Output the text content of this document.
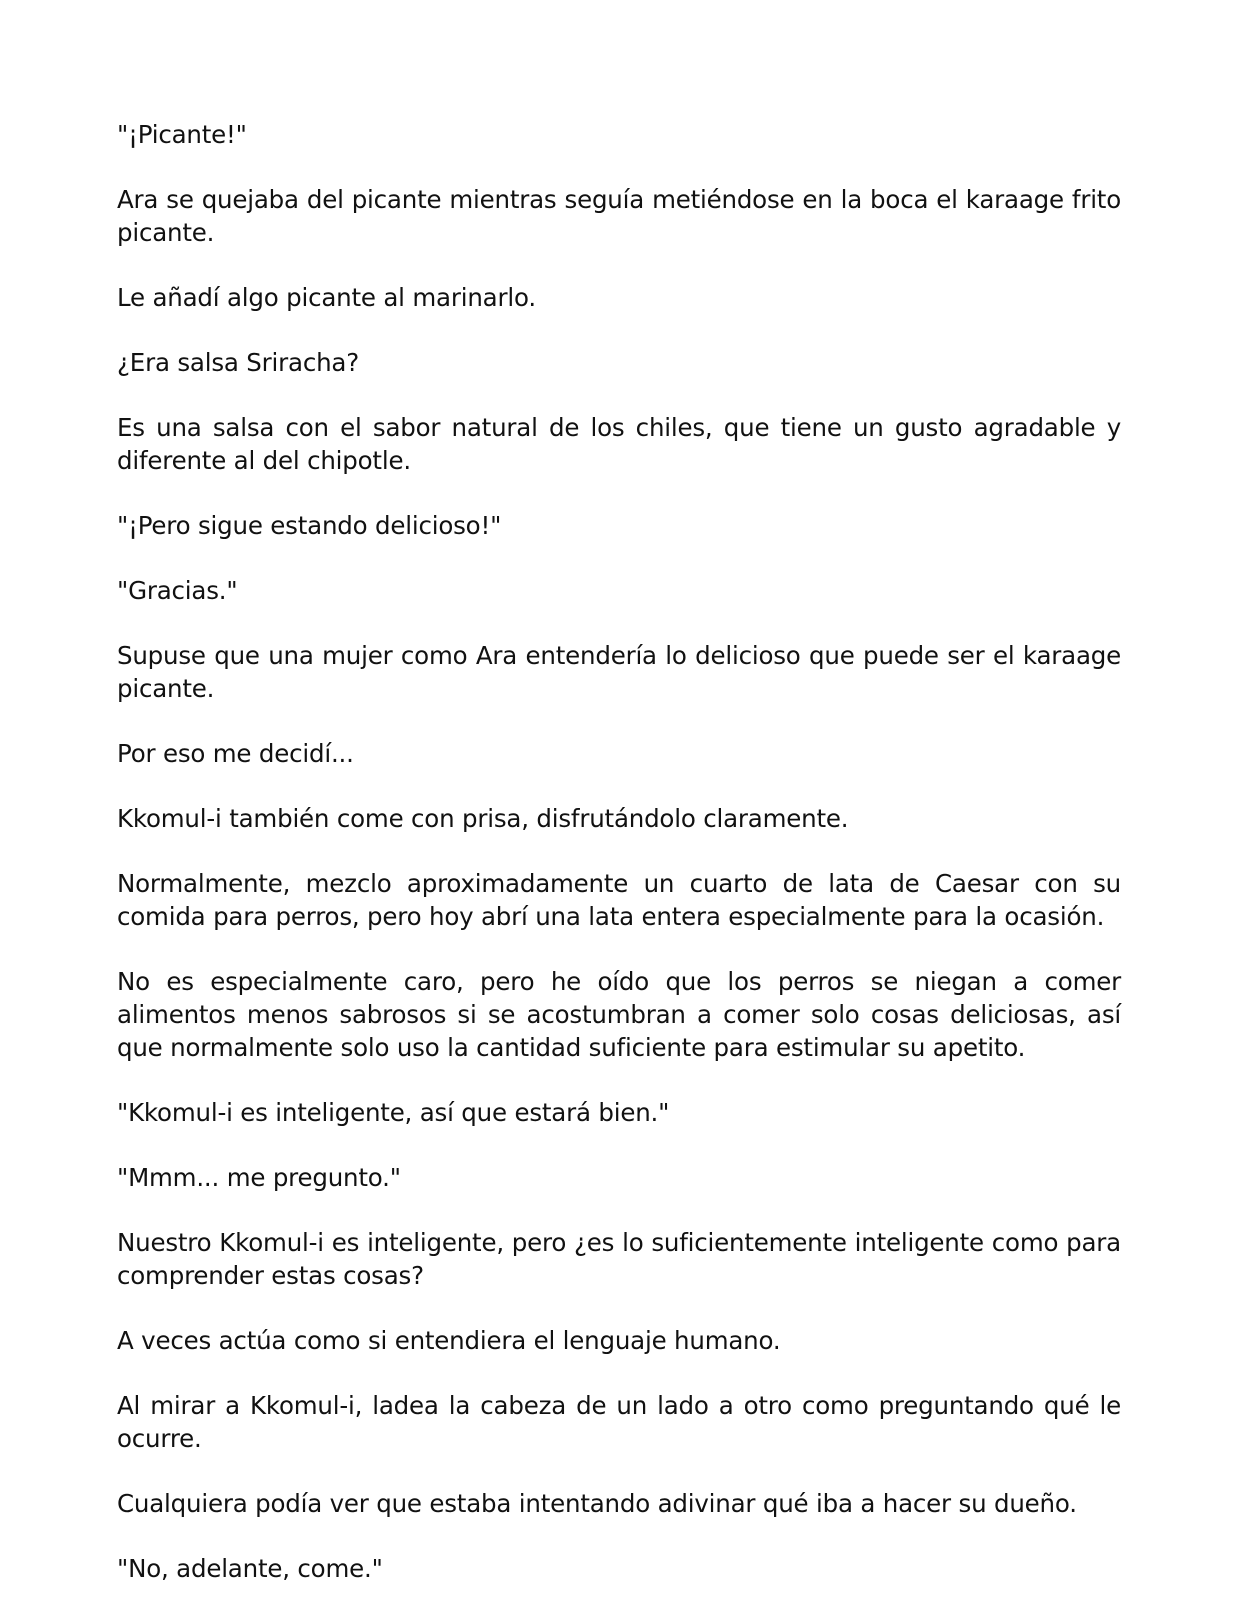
"¡Picante!"

Ara se quejaba del picante mientras seguía metiéndose en la boca el karaage frito picante.

Le añadí algo picante al marinarlo.

¿Era salsa Sriracha?

Es una salsa con el sabor natural de los chiles, que tiene un gusto agradable y diferente al del chipotle.

"¡Pero sigue estando delicioso!"

"Gracias."

Supuse que una mujer como Ara entendería lo delicioso que puede ser el karaage picante.

Por eso me decidí...

Kkomul-i también come con prisa, disfrutándolo claramente.

Normalmente, mezclo aproximadamente un cuarto de lata de Caesar con su comida para perros, pero hoy abrí una lata entera especialmente para la ocasión.

No es especialmente caro, pero he oído que los perros se niegan a comer alimentos menos sabrosos si se acostumbran a comer solo cosas deliciosas, así que normalmente solo uso la cantidad suficiente para estimular su apetito.

"Kkomul-i es inteligente, así que estará bien."

"Mmm... me pregunto."

Nuestro Kkomul-i es inteligente, pero ¿es lo suficientemente inteligente como para comprender estas cosas?

A veces actúa como si entendiera el lenguaje humano.

Al mirar a Kkomul-i, ladea la cabeza de un lado a otro como preguntando qué le ocurre.

Cualquiera podía ver que estaba intentando adivinar qué iba a hacer su dueño.

"No, adelante, come."
